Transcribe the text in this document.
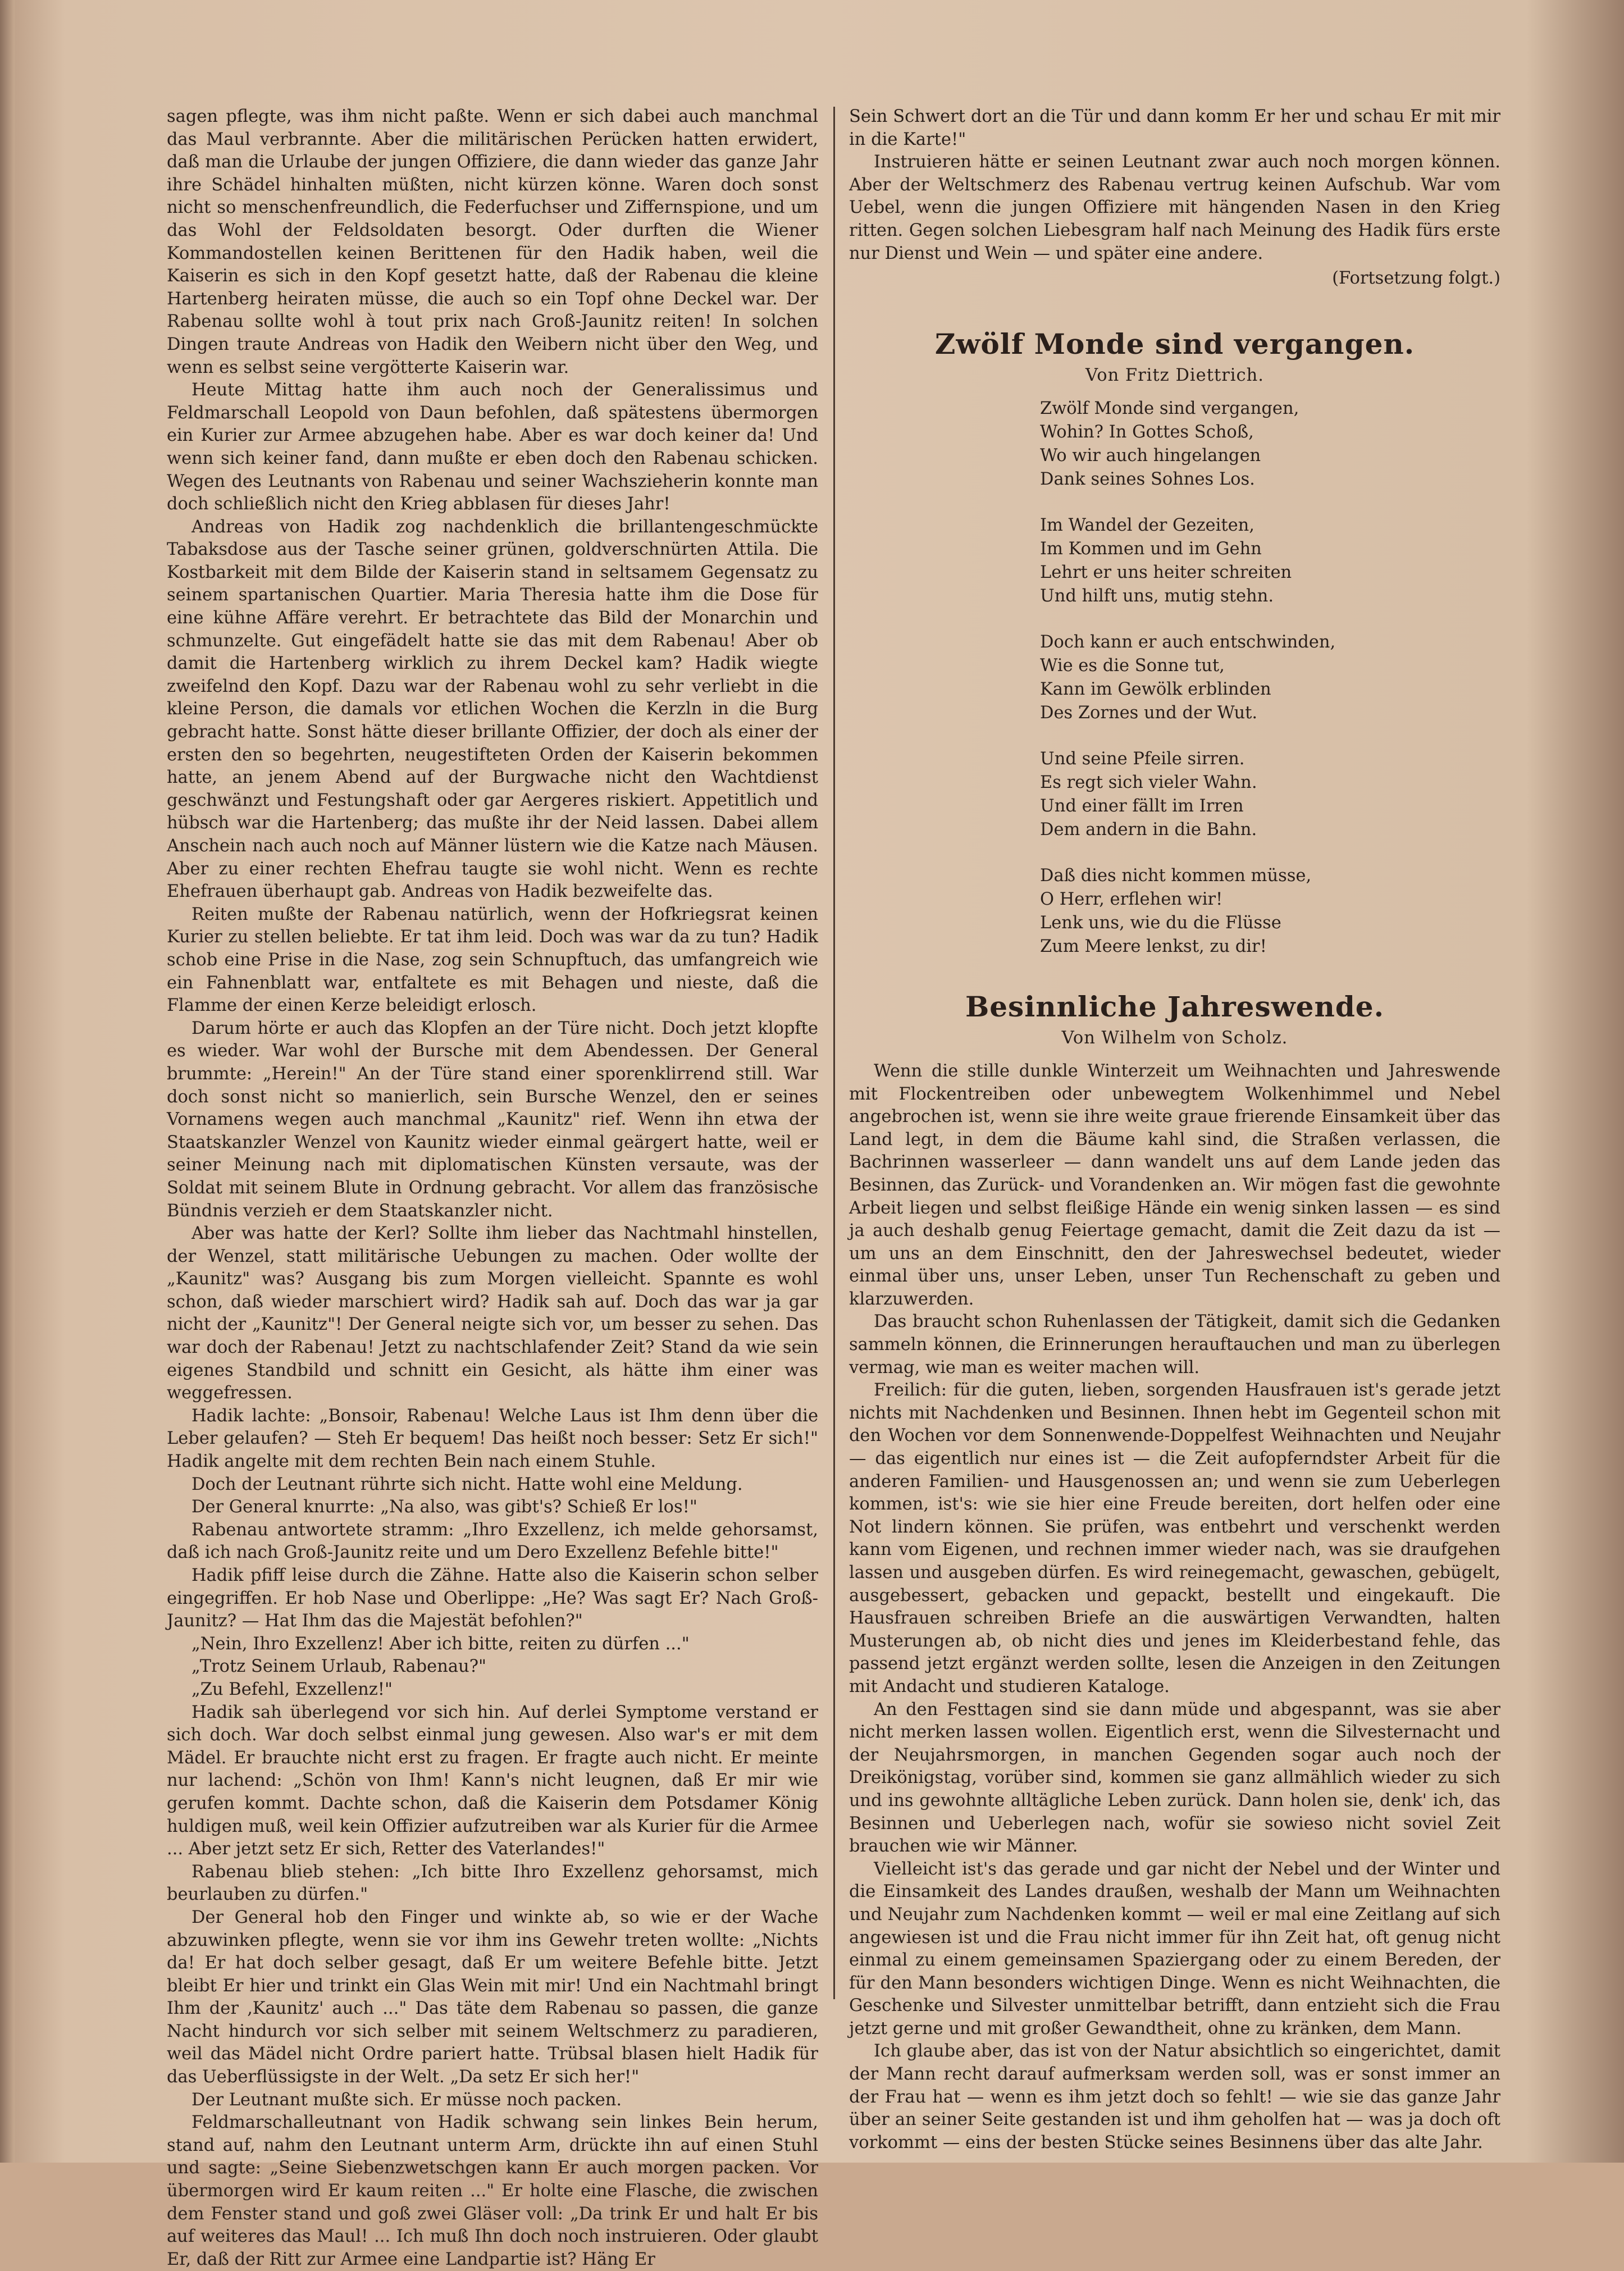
sagen pflegte, was ihm nicht paßte. Wenn er sich dabei auch manchmal das Maul verbrannte. Aber die militärischen Perücken hatten erwidert, daß man die Urlaube der jungen Offiziere, die dann wieder das ganze Jahr ihre Schädel hinhalten müßten, nicht kürzen könne. Waren doch sonst nicht so menschenfreundlich, die Federfuchser und Ziffernspione, und um das Wohl der Feldsoldaten besorgt. Oder durften die Wiener Kommandostellen keinen Berittenen für den Hadik haben, weil die Kaiserin es sich in den Kopf gesetzt hatte, daß der Rabenau die kleine Hartenberg heiraten müsse, die auch so ein Topf ohne Deckel war. Der Rabenau sollte wohl à tout prix nach Groß-Jaunitz reiten! In solchen Dingen traute Andreas von Hadik den Weibern nicht über den Weg, und wenn es selbst seine vergötterte Kaiserin war.

Heute Mittag hatte ihm auch noch der Generalissimus und Feldmarschall Leopold von Daun befohlen, daß spätestens übermorgen ein Kurier zur Armee abzugehen habe. Aber es war doch keiner da! Und wenn sich keiner fand, dann mußte er eben doch den Rabenau schicken. Wegen des Leutnants von Rabenau und seiner Wachszieherin konnte man doch schließlich nicht den Krieg abblasen für dieses Jahr!

Andreas von Hadik zog nachdenklich die brillantengeschmückte Tabaksdose aus der Tasche seiner grünen, goldverschnürten Attila. Die Kostbarkeit mit dem Bilde der Kaiserin stand in seltsamem Gegensatz zu seinem spartanischen Quartier. Maria Theresia hatte ihm die Dose für eine kühne Affäre verehrt. Er betrachtete das Bild der Monarchin und schmunzelte. Gut eingefädelt hatte sie das mit dem Rabenau! Aber ob damit die Hartenberg wirklich zu ihrem Deckel kam? Hadik wiegte zweifelnd den Kopf. Dazu war der Rabenau wohl zu sehr verliebt in die kleine Person, die damals vor etlichen Wochen die Kerzln in die Burg gebracht hatte. Sonst hätte dieser brillante Offizier, der doch als einer der ersten den so begehrten, neugestifteten Orden der Kaiserin bekommen hatte, an jenem Abend auf der Burgwache nicht den Wachtdienst geschwänzt und Festungshaft oder gar Aergeres riskiert. Appetitlich und hübsch war die Hartenberg; das mußte ihr der Neid lassen. Dabei allem Anschein nach auch noch auf Männer lüstern wie die Katze nach Mäusen. Aber zu einer rechten Ehefrau taugte sie wohl nicht. Wenn es rechte Ehefrauen überhaupt gab. Andreas von Hadik bezweifelte das.

Reiten mußte der Rabenau natürlich, wenn der Hofkriegsrat keinen Kurier zu stellen beliebte. Er tat ihm leid. Doch was war da zu tun? Hadik schob eine Prise in die Nase, zog sein Schnupftuch, das umfangreich wie ein Fahnenblatt war, entfaltete es mit Behagen und nieste, daß die Flamme der einen Kerze beleidigt erlosch.

Darum hörte er auch das Klopfen an der Türe nicht. Doch jetzt klopfte es wieder. War wohl der Bursche mit dem Abendessen. Der General brummte: „Herein!" An der Türe stand einer sporenklirrend still. War doch sonst nicht so manierlich, sein Bursche Wenzel, den er seines Vornamens wegen auch manchmal „Kaunitz" rief. Wenn ihn etwa der Staatskanzler Wenzel von Kaunitz wieder einmal geärgert hatte, weil er seiner Meinung nach mit diplomatischen Künsten versaute, was der Soldat mit seinem Blute in Ordnung gebracht. Vor allem das französische Bündnis verzieh er dem Staatskanzler nicht.

Aber was hatte der Kerl? Sollte ihm lieber das Nachtmahl hinstellen, der Wenzel, statt militärische Uebungen zu machen. Oder wollte der „Kaunitz" was? Ausgang bis zum Morgen vielleicht. Spannte es wohl schon, daß wieder marschiert wird? Hadik sah auf. Doch das war ja gar nicht der „Kaunitz"! Der General neigte sich vor, um besser zu sehen. Das war doch der Rabenau! Jetzt zu nachtschlafender Zeit? Stand da wie sein eigenes Standbild und schnitt ein Gesicht, als hätte ihm einer was weggefressen.

Hadik lachte: „Bonsoir, Rabenau! Welche Laus ist Ihm denn über die Leber gelaufen? — Steh Er bequem! Das heißt noch besser: Setz Er sich!" Hadik angelte mit dem rechten Bein nach einem Stuhle.

Doch der Leutnant rührte sich nicht. Hatte wohl eine Meldung.

Der General knurrte: „Na also, was gibt's? Schieß Er los!"

Rabenau antwortete stramm: „Ihro Exzellenz, ich melde gehorsamst, daß ich nach Groß-Jaunitz reite und um Dero Exzellenz Befehle bitte!"

Hadik pfiff leise durch die Zähne. Hatte also die Kaiserin schon selber eingegriffen. Er hob Nase und Oberlippe: „He? Was sagt Er? Nach Groß-Jaunitz? — Hat Ihm das die Majestät befohlen?"

„Nein, Ihro Exzellenz! Aber ich bitte, reiten zu dürfen ..."

„Trotz Seinem Urlaub, Rabenau?"

„Zu Befehl, Exzellenz!"

Hadik sah überlegend vor sich hin. Auf derlei Symptome verstand er sich doch. War doch selbst einmal jung gewesen. Also war's er mit dem Mädel. Er brauchte nicht erst zu fragen. Er fragte auch nicht. Er meinte nur lachend: „Schön von Ihm! Kann's nicht leugnen, daß Er mir wie gerufen kommt. Dachte schon, daß die Kaiserin dem Potsdamer König huldigen muß, weil kein Offizier aufzutreiben war als Kurier für die Armee ... Aber jetzt setz Er sich, Retter des Vaterlandes!"

Rabenau blieb stehen: „Ich bitte Ihro Exzellenz gehorsamst, mich beurlauben zu dürfen."

Der General hob den Finger und winkte ab, so wie er der Wache abzuwinken pflegte, wenn sie vor ihm ins Gewehr treten wollte: „Nichts da! Er hat doch selber gesagt, daß Er um weitere Befehle bitte. Jetzt bleibt Er hier und trinkt ein Glas Wein mit mir! Und ein Nachtmahl bringt Ihm der ‚Kaunitz' auch ..." Das täte dem Rabenau so passen, die ganze Nacht hindurch vor sich selber mit seinem Weltschmerz zu paradieren, weil das Mädel nicht Ordre pariert hatte. Trübsal blasen hielt Hadik für das Ueberflüssigste in der Welt. „Da setz Er sich her!"

Der Leutnant mußte sich. Er müsse noch packen.

Feldmarschalleutnant von Hadik schwang sein linkes Bein herum, stand auf, nahm den Leutnant unterm Arm, drückte ihn auf einen Stuhl und sagte: „Seine Siebenzwetschgen kann Er auch morgen packen. Vor übermorgen wird Er kaum reiten ..." Er holte eine Flasche, die zwischen dem Fenster stand und goß zwei Gläser voll: „Da trink Er und halt Er bis auf weiteres das Maul! ... Ich muß Ihn doch noch instruieren. Oder glaubt Er, daß der Ritt zur Armee eine Landpartie ist? Häng Er

Sein Schwert dort an die Tür und dann komm Er her und schau Er mit mir in die Karte!"

Instruieren hätte er seinen Leutnant zwar auch noch morgen können. Aber der Weltschmerz des Rabenau vertrug keinen Aufschub. War vom Uebel, wenn die jungen Offiziere mit hängenden Nasen in den Krieg ritten. Gegen solchen Liebesgram half nach Meinung des Hadik fürs erste nur Dienst und Wein — und später eine andere.

(Fortsetzung folgt.)

Zwölf Monde sind vergangen.
Von Fritz Diettrich.
Zwölf Monde sind vergangen,
Wohin? In Gottes Schoß,
Wo wir auch hingelangen
Dank seines Sohnes Los.
Im Wandel der Gezeiten,
Im Kommen und im Gehn
Lehrt er uns heiter schreiten
Und hilft uns, mutig stehn.
Doch kann er auch entschwinden,
Wie es die Sonne tut,
Kann im Gewölk erblinden
Des Zornes und der Wut.
Und seine Pfeile sirren.
Es regt sich vieler Wahn.
Und einer fällt im Irren
Dem andern in die Bahn.
Daß dies nicht kommen müsse,
O Herr, erflehen wir!
Lenk uns, wie du die Flüsse
Zum Meere lenkst, zu dir!
Besinnliche Jahreswende.
Von Wilhelm von Scholz.

Wenn die stille dunkle Winterzeit um Weihnachten und Jahreswende mit Flockentreiben oder unbewegtem Wolkenhimmel und Nebel angebrochen ist, wenn sie ihre weite graue frierende Einsamkeit über das Land legt, in dem die Bäume kahl sind, die Straßen verlassen, die Bachrinnen wasserleer — dann wandelt uns auf dem Lande jeden das Besinnen, das Zurück- und Vorandenken an. Wir mögen fast die gewohnte Arbeit liegen und selbst fleißige Hände ein wenig sinken lassen — es sind ja auch deshalb genug Feiertage gemacht, damit die Zeit dazu da ist — um uns an dem Einschnitt, den der Jahreswechsel bedeutet, wieder einmal über uns, unser Leben, unser Tun Rechenschaft zu geben und klarzuwerden.

Das braucht schon Ruhenlassen der Tätigkeit, damit sich die Gedanken sammeln können, die Erinnerungen herauftauchen und man zu überlegen vermag, wie man es weiter machen will.

Freilich: für die guten, lieben, sorgenden Hausfrauen ist's gerade jetzt nichts mit Nachdenken und Besinnen. Ihnen hebt im Gegenteil schon mit den Wochen vor dem Sonnenwende-Doppelfest Weihnachten und Neujahr — das eigentlich nur eines ist — die Zeit aufopferndster Arbeit für die anderen Familien- und Hausgenossen an; und wenn sie zum Ueberlegen kommen, ist's: wie sie hier eine Freude bereiten, dort helfen oder eine Not lindern können. Sie prüfen, was entbehrt und verschenkt werden kann vom Eigenen, und rechnen immer wieder nach, was sie draufgehen lassen und ausgeben dürfen. Es wird reinegemacht, gewaschen, gebügelt, ausgebessert, gebacken und gepackt, bestellt und eingekauft. Die Hausfrauen schreiben Briefe an die auswärtigen Verwandten, halten Musterungen ab, ob nicht dies und jenes im Kleiderbestand fehle, das passend jetzt ergänzt werden sollte, lesen die Anzeigen in den Zeitungen mit Andacht und studieren Kataloge.

An den Festtagen sind sie dann müde und abgespannt, was sie aber nicht merken lassen wollen. Eigentlich erst, wenn die Silvesternacht und der Neujahrsmorgen, in manchen Gegenden sogar auch noch der Dreikönigstag, vorüber sind, kommen sie ganz allmählich wieder zu sich und ins gewohnte alltägliche Leben zurück. Dann holen sie, denk' ich, das Besinnen und Ueberlegen nach, wofür sie sowieso nicht soviel Zeit brauchen wie wir Männer.

Vielleicht ist's das gerade und gar nicht der Nebel und der Winter und die Einsamkeit des Landes draußen, weshalb der Mann um Weihnachten und Neujahr zum Nachdenken kommt — weil er mal eine Zeitlang auf sich angewiesen ist und die Frau nicht immer für ihn Zeit hat, oft genug nicht einmal zu einem gemeinsamen Spaziergang oder zu einem Bereden, der für den Mann besonders wichtigen Dinge. Wenn es nicht Weihnachten, die Geschenke und Silvester unmittelbar betrifft, dann entzieht sich die Frau jetzt gerne und mit großer Gewandtheit, ohne zu kränken, dem Mann.

Ich glaube aber, das ist von der Natur absichtlich so eingerichtet, damit der Mann recht darauf aufmerksam werden soll, was er sonst immer an der Frau hat — wenn es ihm jetzt doch so fehlt! — wie sie das ganze Jahr über an seiner Seite gestanden ist und ihm geholfen hat — was ja doch oft vorkommt — eins der besten Stücke seines Besinnens über das alte Jahr.
